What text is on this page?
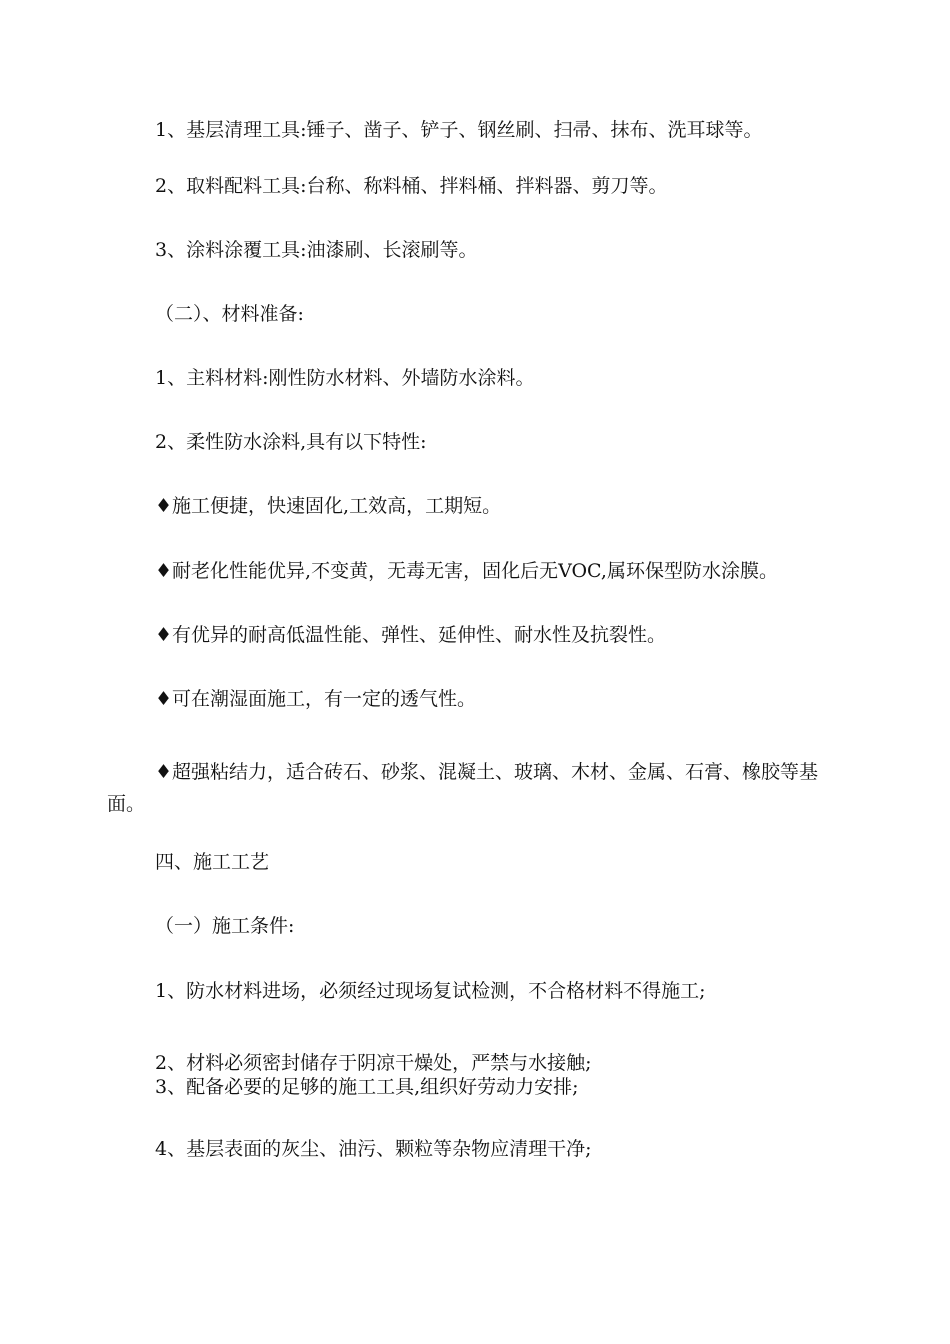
1、基层清理工具:锤子、凿子、铲子、钢丝刷、扫帚、抹布、洗耳球等。

2、取料配料工具:台称、称料桶、拌料桶、拌料器、剪刀等。

3、涂料涂覆工具:油漆刷、长滚刷等。

（二）、材料准备:

1、主料材料:刚性防水材料、外墙防水涂料。

2、柔性防水涂料,具有以下特性:

♦施工便捷，快速固化,工效高，工期短。

♦耐老化性能优异,不变黄，无毒无害，固化后无VOC,属环保型防水涂膜。

♦有优异的耐高低温性能、弹性、延伸性、耐水性及抗裂性。

♦可在潮湿面施工，有一定的透气性。

♦超强粘结力，适合砖石、砂浆、混凝土、玻璃、木材、金属、石膏、橡胶等基面。

四、施工工艺

（一）施工条件:

1、防水材料进场，必须经过现场复试检测，不合格材料不得施工;

2、材料必须密封储存于阴凉干燥处，严禁与水接触;

3、配备必要的足够的施工工具,组织好劳动力安排;

4、基层表面的灰尘、油污、颗粒等杂物应清理干净;
